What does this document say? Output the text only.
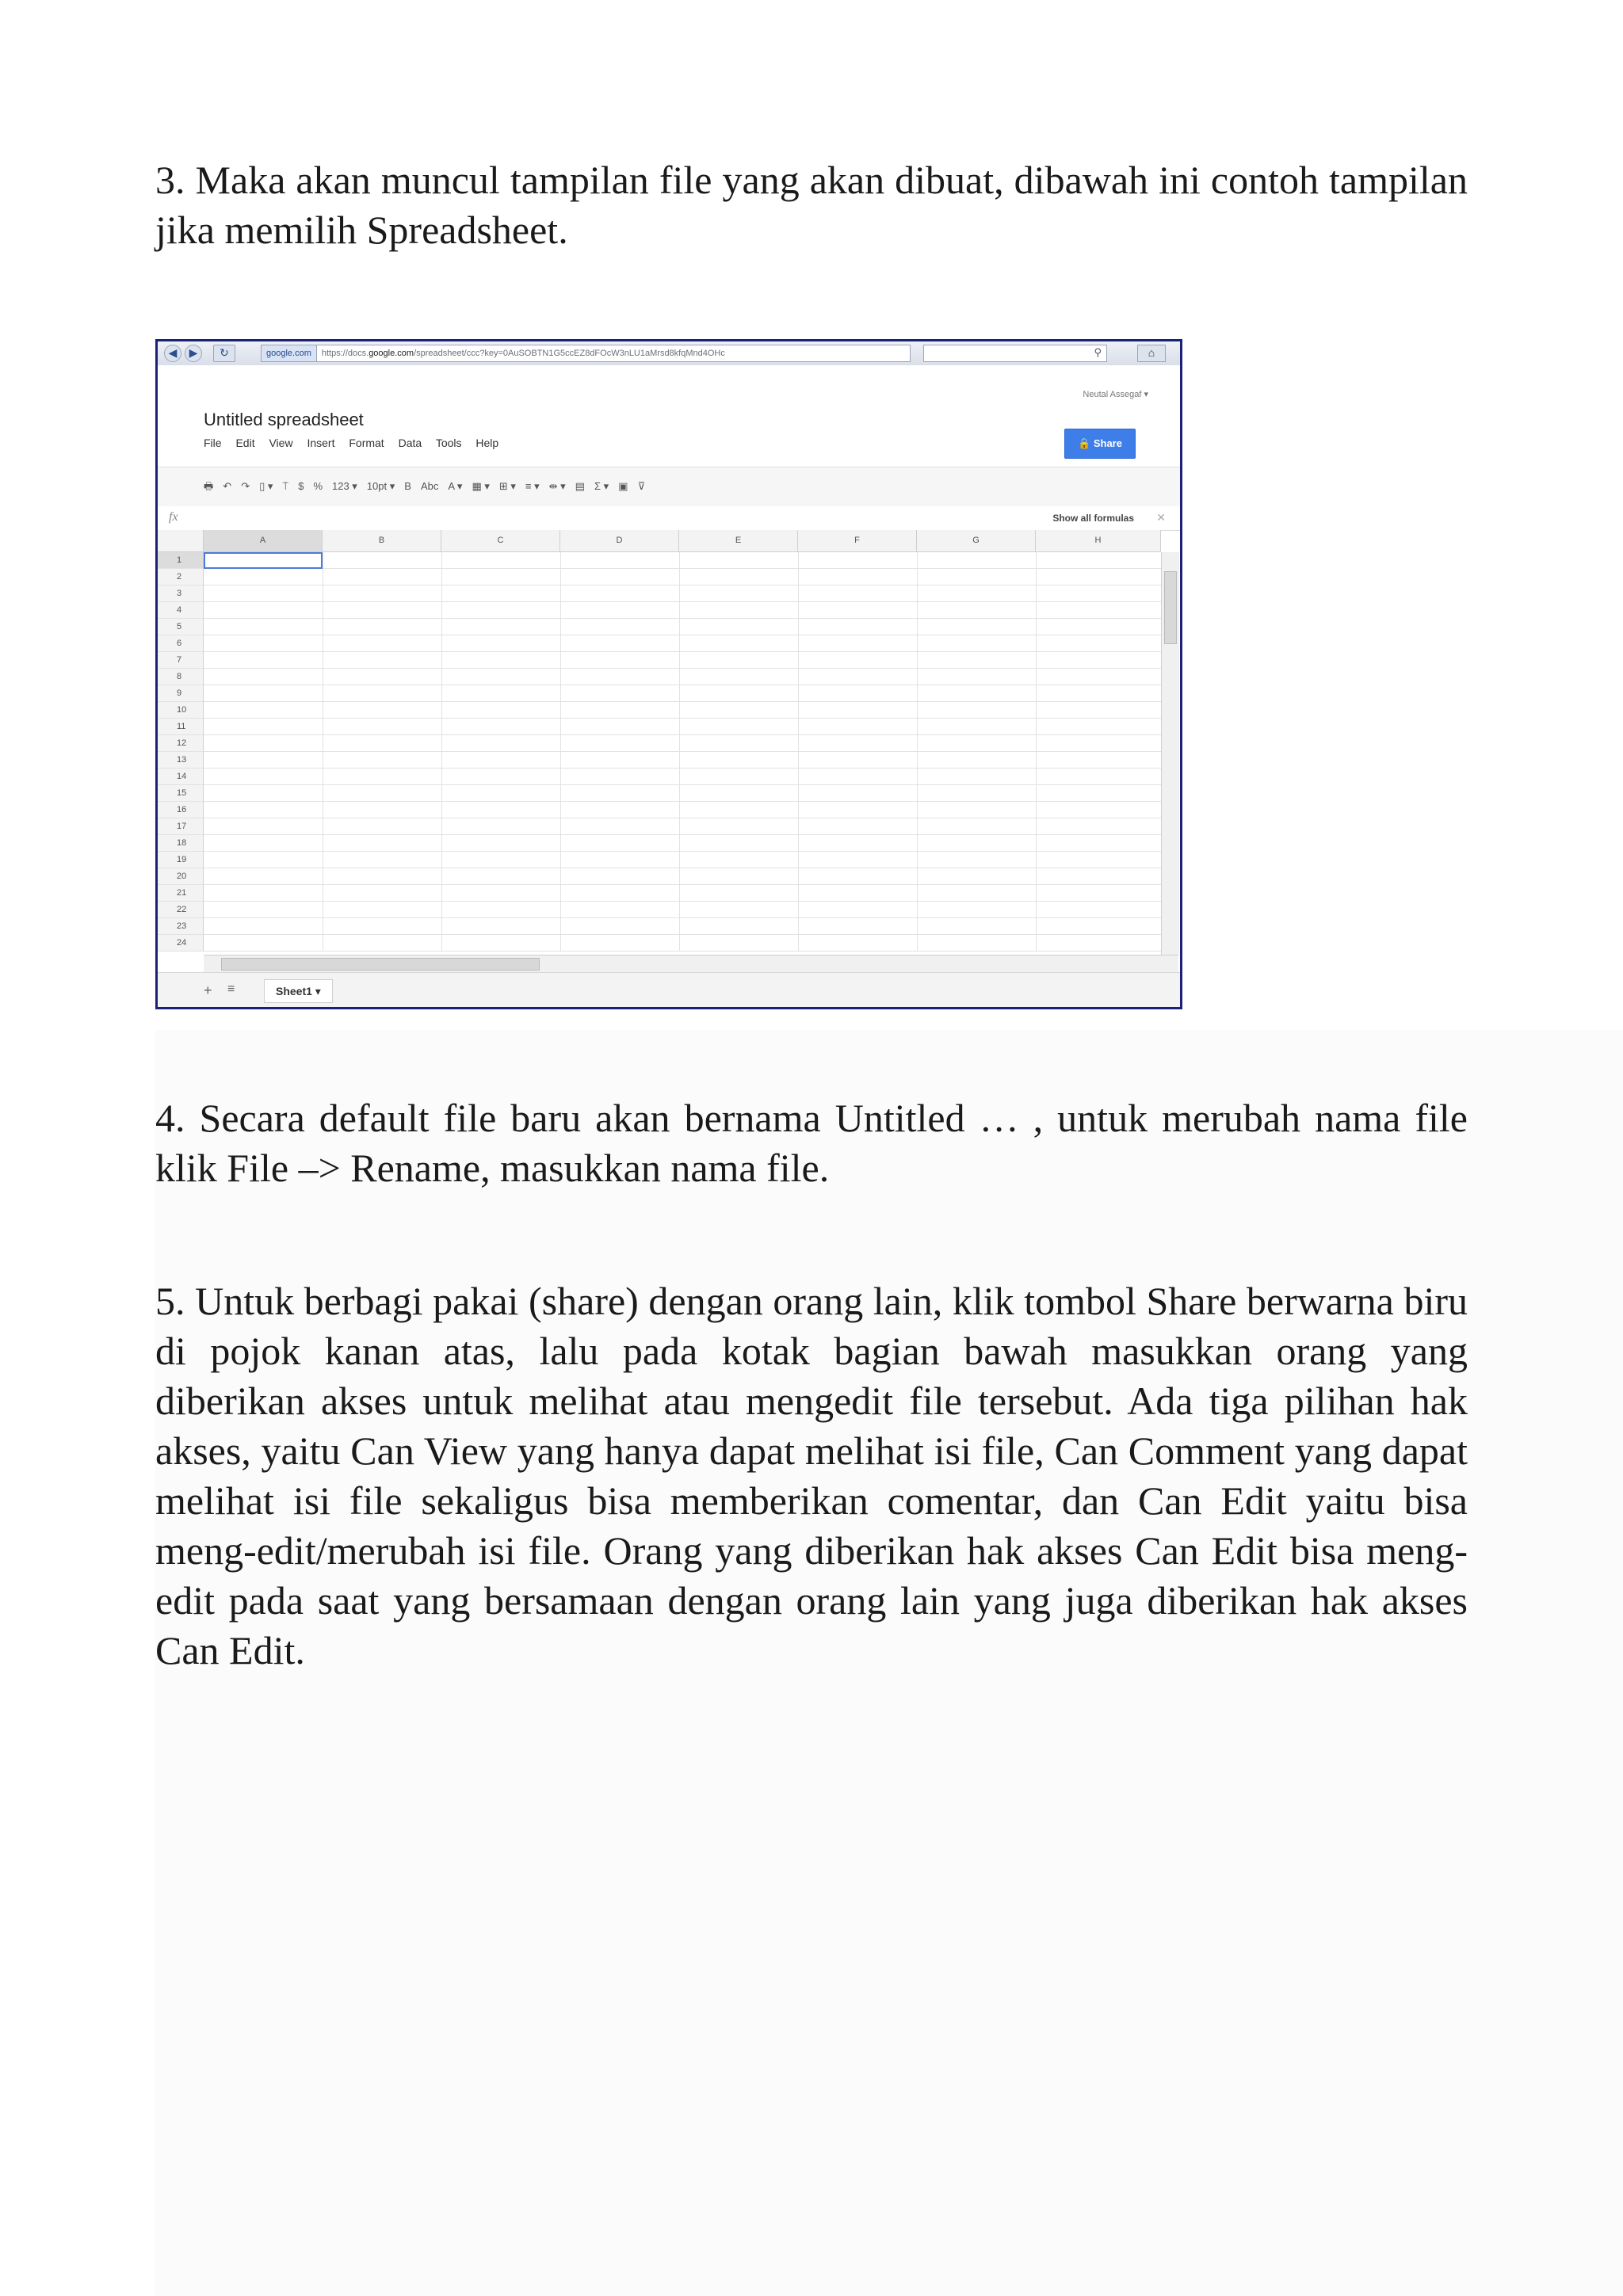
3. Maka akan muncul tampilan file yang akan dibuat, dibawah ini contoh tampilan jika memilih Spreadsheet.

◀	▶	↻	google.com https://docs.google.com/spreadsheet/ccc?key=0AuSOBTN1G5ccEZ8dFOcW3nLU1aMrsd8kfqMnd4OHc	⚲	⌂
Untitled spreadsheet
File Edit View Insert Format Data Tools Help
Neutal Assegaf ▾
🔒 Share
🖶 ↶ ↷ ▯ ▾ ⍑ $ % 123 ▾ 10pt ▾ B Abc A ▾ ▦ ▾ ⊞ ▾ ≡ ▾ ⇹ ▾ ▤ Σ ▾ ▣ ⊽
fx	Show all formulas ✕
A	B	C	D	E	F	G	H
1
2
3
4
5
6
7
8
9
10
11
12
13
14
15
16
17
18
19
20
21
22
23
24
+ ≡	Sheet1 ▾

4. Secara default file baru akan bernama Untitled … , untuk merubah nama file klik File –> Rename, masukkan nama file.

5. Untuk berbagi pakai (share) dengan orang lain, klik tombol Share berwarna biru di pojok kanan atas, lalu pada kotak bagian bawah masukkan orang yang diberikan akses untuk melihat atau mengedit file tersebut. Ada tiga pilihan hak akses, yaitu Can View yang hanya dapat melihat isi file, Can Comment yang dapat melihat isi file sekaligus bisa memberikan comentar, dan Can Edit yaitu bisa meng-edit/merubah isi file. Orang yang diberikan hak akses Can Edit bisa meng-edit pada saat yang bersamaan dengan orang lain yang juga diberikan hak akses Can Edit.
